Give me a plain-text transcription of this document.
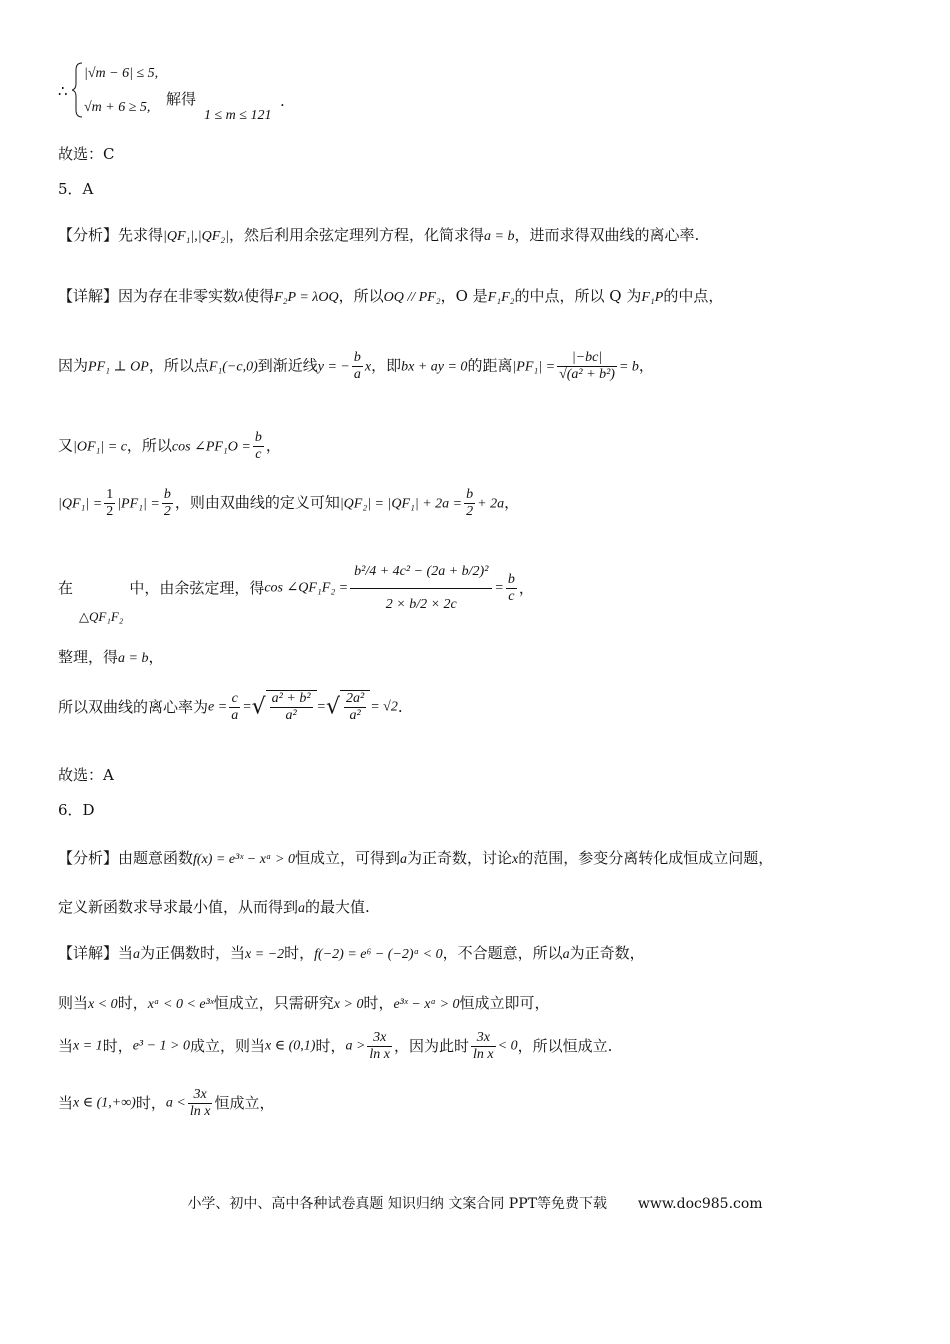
∴
|√m − 6| ≤ 5,
√m + 6 ≥ 5, 解得
1 ≤ m ≤ 121
.
故选：C
5．A
【分析】先求得|QF₁|,|QF₂|，然后利用余弦定理列方程，化简求得a = b，进而求得双曲线的离心率.
【详解】因为存在非零实数λ使得F₂P = λOQ，所以OQ // PF₂，O 是F₁F₂的中点，所以 Q 为F₁P的中点，
因为PF₁ ⊥ OP，所以点F₁(−c,0)到渐近线y = − $\frac{b}{a}$ x，即bx + ay = 0的距离$|PF_1| = \frac{|-bc|}{\text{√(a² + b²)}} = b$，
又|OF₁| = c，所以cos ∠PF₁O = $\frac{b}{c}$ ，
$|QF_1| = \frac{1}{2} |PF_1| = \frac{b}{2}$ ，则由双曲线的定义可知$|QF_2| = |QF_1| + 2a = \frac{b}{2} + 2a$，
在△QF₁F₂中，由余弦定理，得cos ∠QF₁F₂ = $\frac{\text{b²/4 + 4c² − (2a + b/2)²}}{2 \times b/2 \times 2c} = \frac{b}{c}$ ，
整理，得a = b，
所以双曲线的离心率为$e = \frac{c}{a}$ =√ $\frac{\text{a² + b²}}{\text{a²}}$ =√ $\frac{\text{2a²}}{\text{a²}} = √2$.
故选：A
6．D
【分析】由题意函数f(x) = e³ˣ − xᵃ > 0恒成立，可得到a为正奇数，讨论x的范围，参变分离转化成恒成立问题，
定义新函数求导求最小值，从而得到a的最大值.
【详解】当a为正偶数时，当x = −2时，f(−2) = e⁶ − (−2)ᵃ < 0，不合题意，所以a为正奇数，
则当x < 0时，xᵃ < 0 < e³ˣ恒成立，只需研究x > 0时，e³ˣ − xᵃ > 0恒成立即可，
当x = 1时，e³ − 1 > 0成立，则当x ∈ (0,1)时，$a > \frac{3x}{\text{ln x}}$ ，因为此时 $\frac{3x}{\text{ln x}} < 0$，所以恒成立.
当x ∈ (1,+∞)时，$a < \frac{3x}{\text{ln x}}$ 恒成立，
小学、初中、高中各种试卷真题 知识归纳 文案合同 PPT等免费下载 www.doc985.com
